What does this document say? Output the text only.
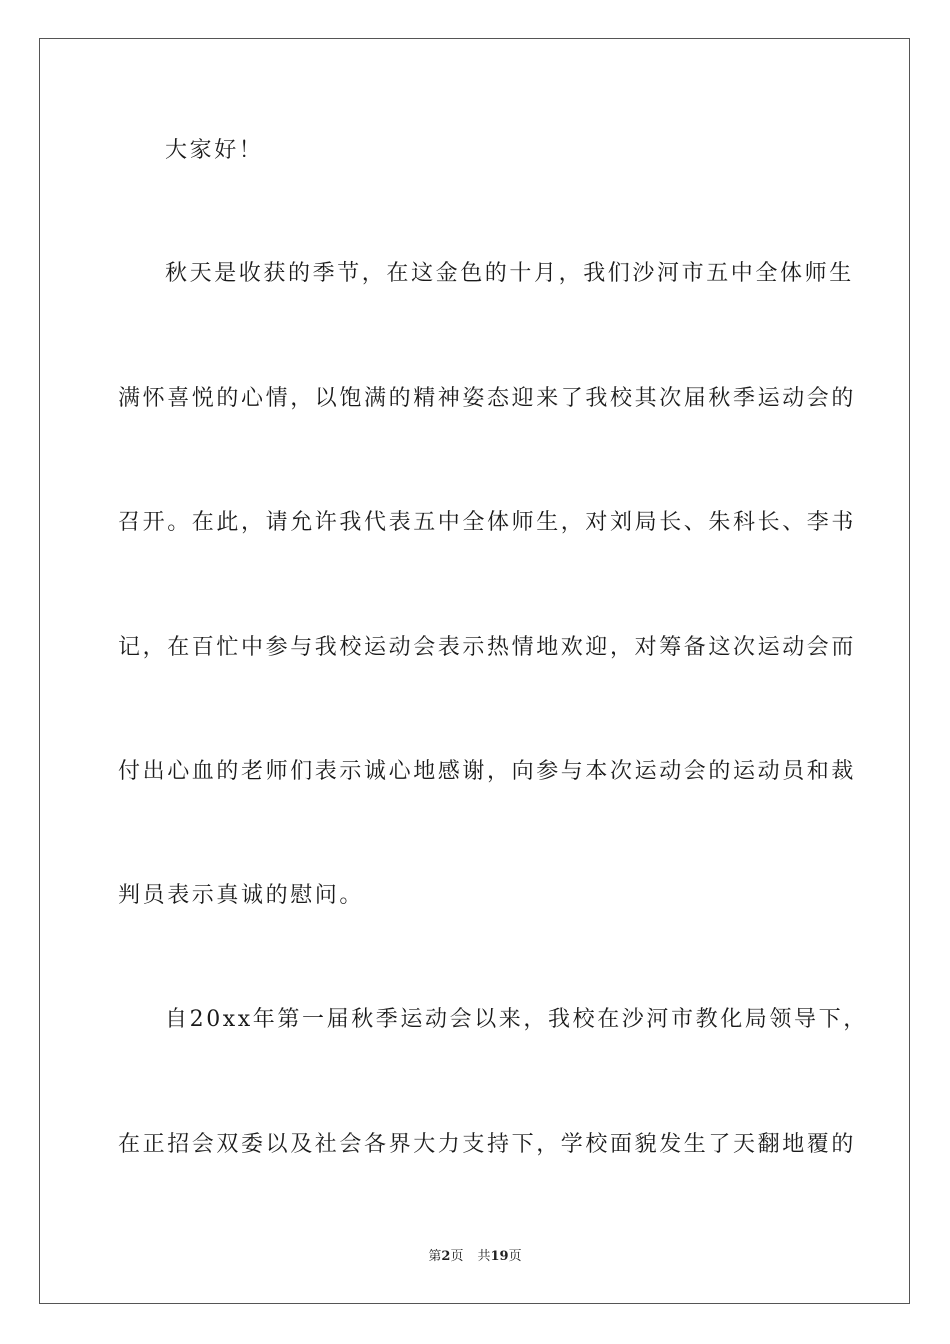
大家好！
秋天是收获的季节，在这金色的十月，我们沙河市五中全体师生
满怀喜悦的心情，以饱满的精神姿态迎来了我校其次届秋季运动会的
召开。在此，请允许我代表五中全体师生，对刘局长、朱科长、李书
记，在百忙中参与我校运动会表示热情地欢迎，对筹备这次运动会而
付出心血的老师们表示诚心地感谢，向参与本次运动会的运动员和裁
判员表示真诚的慰问。
自20xx年第一届秋季运动会以来，我校在沙河市教化局领导下，
在正招会双委以及社会各界大力支持下，学校面貌发生了天翻地覆的
第2页 共19页
